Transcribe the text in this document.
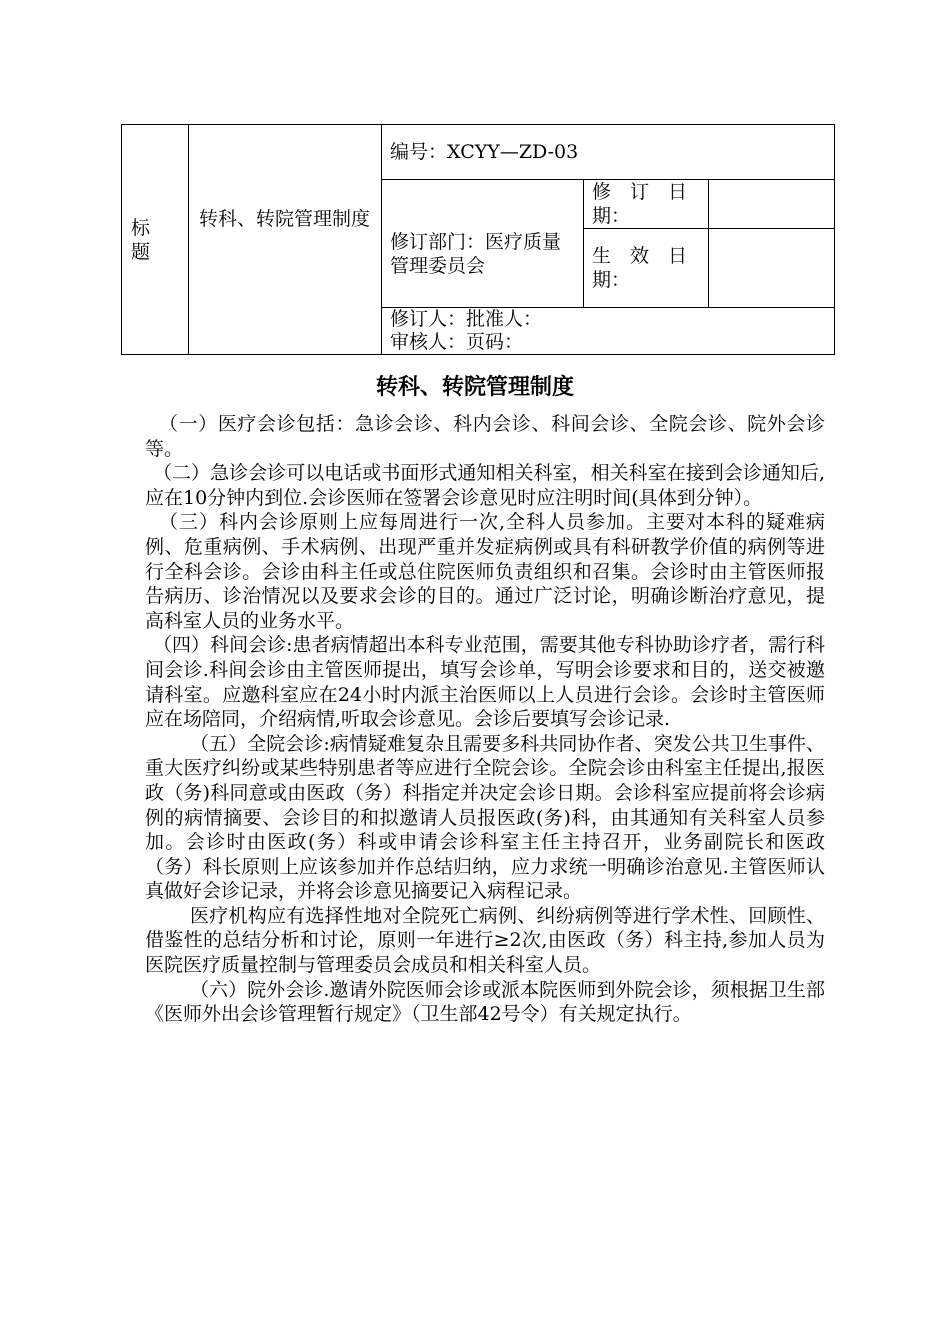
标题	转科、转院管理制度	编号：XCYY—ZD-03		
		修订部门：医疗质量管理委员会	修　订　日期：	
			生　效　日期：	

		修订人：批准人：
审核人：页码：		
转科、转院管理制度

（一）医疗会诊包括：急诊会诊、科内会诊、科间会诊、全院会诊、院外会诊等。

（二）急诊会诊可以电话或书面形式通知相关科室，相关科室在接到会诊通知后,应在10分钟内到位.会诊医师在签署会诊意见时应注明时间(具体到分钟）。

（三）科内会诊原则上应每周进行一次,全科人员参加。主要对本科的疑难病例、危重病例、手术病例、出现严重并发症病例或具有科研教学价值的病例等进行全科会诊。会诊由科主任或总住院医师负责组织和召集。会诊时由主管医师报告病历、诊治情况以及要求会诊的目的。通过广泛讨论，明确诊断治疗意见，提高科室人员的业务水平。

（四）科间会诊:患者病情超出本科专业范围，需要其他专科协助诊疗者，需行科间会诊.科间会诊由主管医师提出，填写会诊单，写明会诊要求和目的，送交被邀请科室。应邀科室应在24小时内派主治医师以上人员进行会诊。会诊时主管医师应在场陪同，介绍病情,听取会诊意见。会诊后要填写会诊记录.

（五）全院会诊:病情疑难复杂且需要多科共同协作者、突发公共卫生事件、重大医疗纠纷或某些特别患者等应进行全院会诊。全院会诊由科室主任提出,报医政（务)科同意或由医政（务）科指定并决定会诊日期。会诊科室应提前将会诊病例的病情摘要、会诊目的和拟邀请人员报医政(务)科，由其通知有关科室人员参加。会诊时由医政(务）科或申请会诊科室主任主持召开，业务副院长和医政（务）科长原则上应该参加并作总结归纳，应力求统一明确诊治意见.主管医师认真做好会诊记录，并将会诊意见摘要记入病程记录。

医疗机构应有选择性地对全院死亡病例、纠纷病例等进行学术性、回顾性、借鉴性的总结分析和讨论，原则一年进行≥2次,由医政（务）科主持,参加人员为医院医疗质量控制与管理委员会成员和相关科室人员。

（六）院外会诊.邀请外院医师会诊或派本院医师到外院会诊，须根据卫生部《医师外出会诊管理暂行规定》（卫生部42号令）有关规定执行。
